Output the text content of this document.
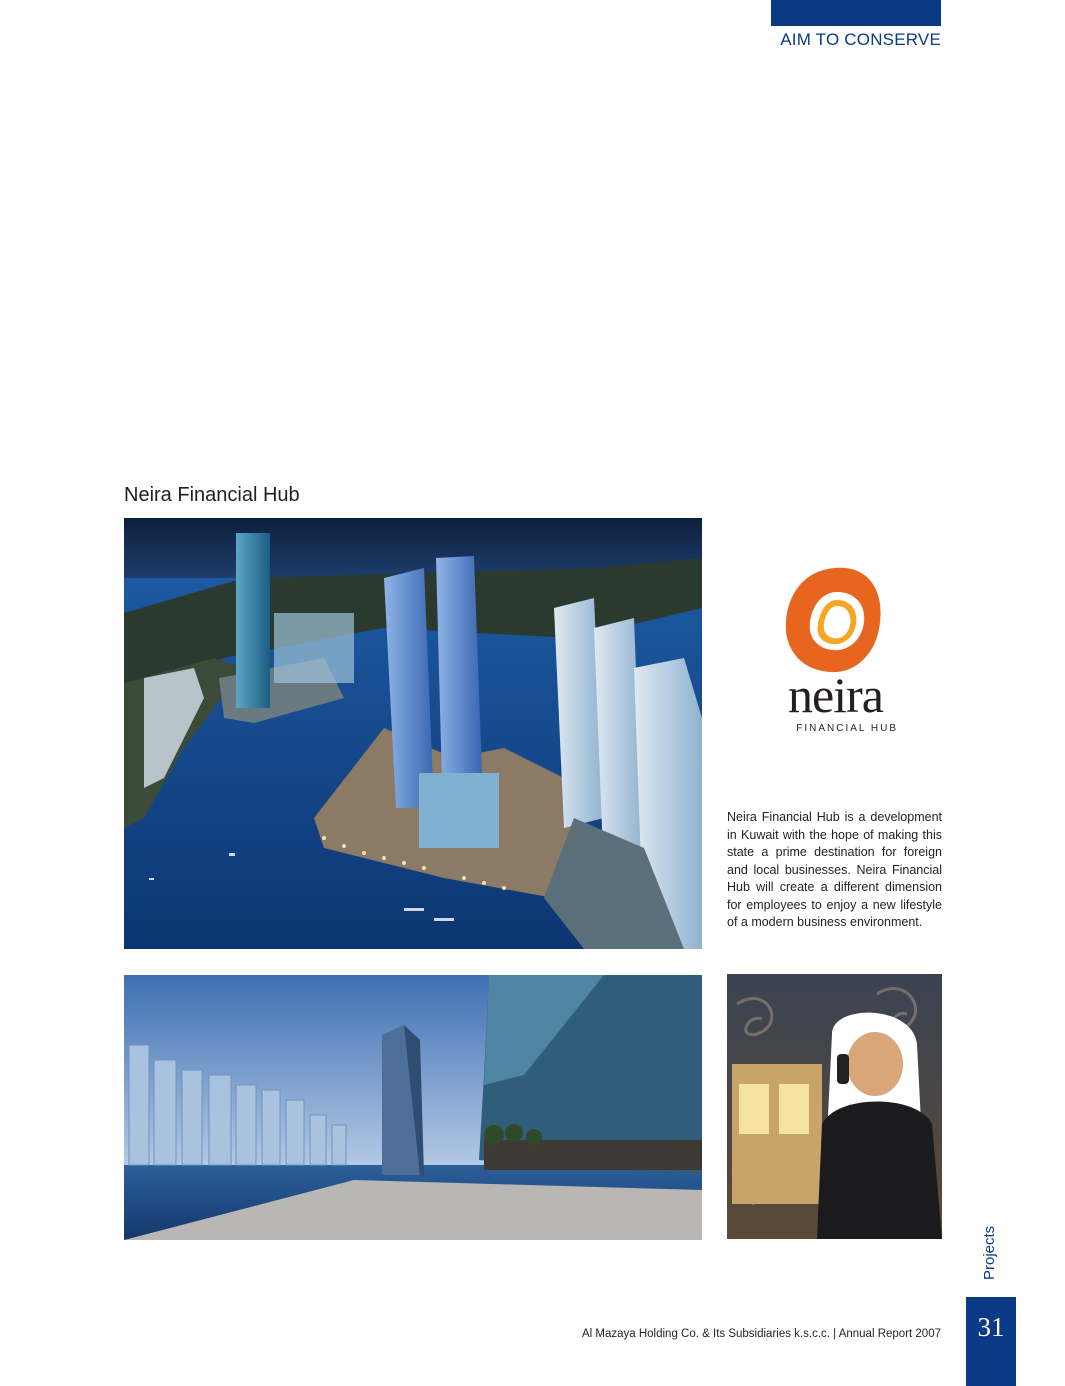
AIM TO CONSERVE
Neira Financial Hub
neira
FINANCIAL HUB
Neira Financial Hub is a development in Kuwait with the hope of making this state a prime destination for foreign and local businesses. Neira Financial Hub will create a different dimension for employees to enjoy a new lifestyle of a modern business environment.
Projects
31
Al Mazaya Holding Co. & Its Subsidiaries k.s.c.c. | Annual Report 2007
